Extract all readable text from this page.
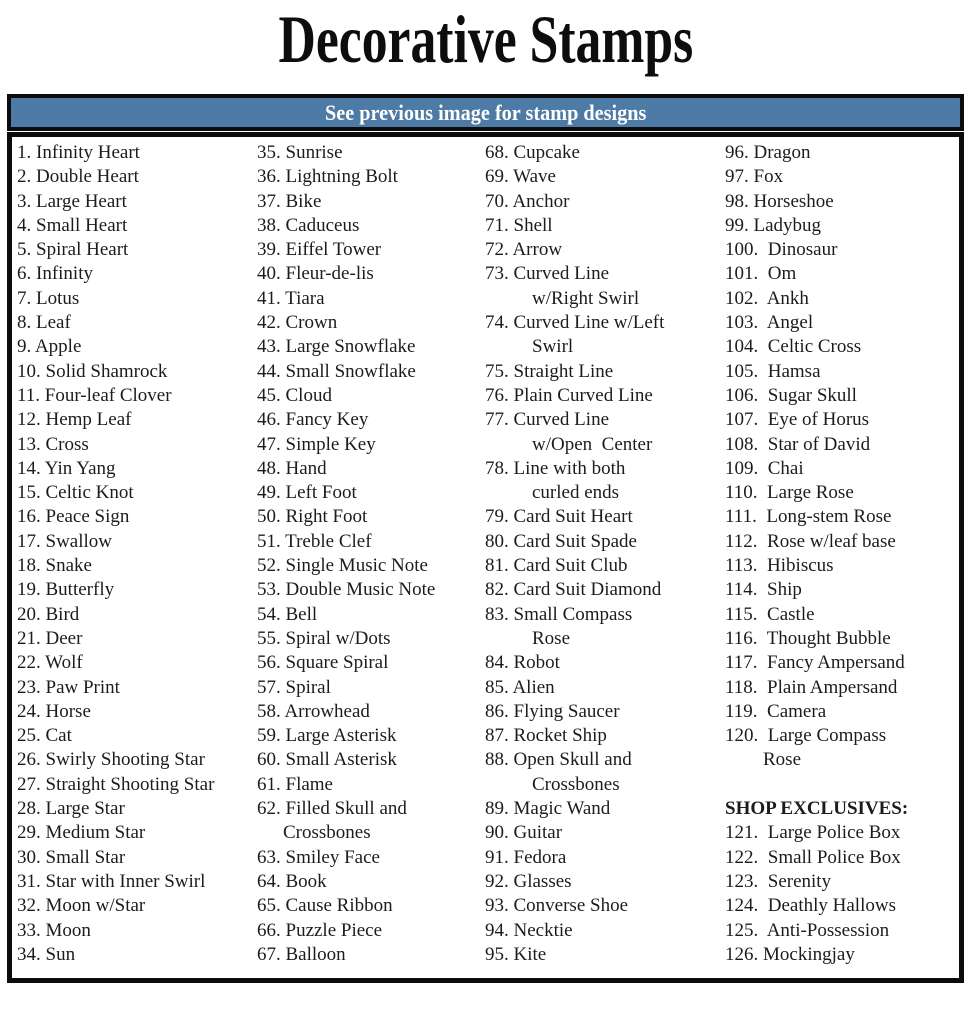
Decorative Stamps
See previous image for stamp designs
1. Infinity Heart
2. Double Heart
3. Large Heart
4. Small Heart
5. Spiral Heart
6. Infinity
7. Lotus
8. Leaf
9. Apple
10. Solid Shamrock
11. Four-leaf Clover
12. Hemp Leaf
13. Cross
14. Yin Yang
15. Celtic Knot
16. Peace Sign
17. Swallow
18. Snake
19. Butterfly
20. Bird
21. Deer
22. Wolf
23. Paw Print
24. Horse
25. Cat
26. Swirly Shooting Star
27. Straight Shooting Star
28. Large Star
29. Medium Star
30. Small Star
31. Star with Inner Swirl
32. Moon w/Star
33. Moon
34. Sun
35. Sunrise
36. Lightning Bolt
37. Bike
38. Caduceus
39. Eiffel Tower
40. Fleur-de-lis
41. Tiara
42. Crown
43. Large Snowflake
44. Small Snowflake
45. Cloud
46. Fancy Key
47. Simple Key
48. Hand
49. Left Foot
50. Right Foot
51. Treble Clef
52. Single Music Note
53. Double Music Note
54. Bell
55. Spiral w/Dots
56. Square Spiral
57. Spiral
58. Arrowhead
59. Large Asterisk
60. Small Asterisk
61. Flame
62. Filled Skull and
Crossbones
63. Smiley Face
64. Book
65. Cause Ribbon
66. Puzzle Piece
67. Balloon
68. Cupcake
69. Wave
70. Anchor
71. Shell
72. Arrow
73. Curved Line
w/Right Swirl
74. Curved Line w/Left
Swirl
75. Straight Line
76. Plain Curved Line
77. Curved Line
w/Open  Center
78. Line with both
curled ends
79. Card Suit Heart
80. Card Suit Spade
81. Card Suit Club
82. Card Suit Diamond
83. Small Compass
Rose
84. Robot
85. Alien
86. Flying Saucer
87. Rocket Ship
88. Open Skull and
Crossbones
89. Magic Wand
90. Guitar
91. Fedora
92. Glasses
93. Converse Shoe
94. Necktie
95. Kite
96. Dragon
97. Fox
98. Horseshoe
99. Ladybug
100.  Dinosaur
101.  Om
102.  Ankh
103.  Angel
104.  Celtic Cross
105.  Hamsa
106.  Sugar Skull
107.  Eye of Horus
108.  Star of David
109.  Chai
110.  Large Rose
111.  Long-stem Rose
112.  Rose w/leaf base
113.  Hibiscus
114.  Ship
115.  Castle
116.  Thought Bubble
117.  Fancy Ampersand
118.  Plain Ampersand
119.  Camera
120.  Large Compass
Rose
SHOP EXCLUSIVES:
121.  Large Police Box
122.  Small Police Box
123.  Serenity
124.  Deathly Hallows
125.  Anti-Possession
126. Mockingjay
